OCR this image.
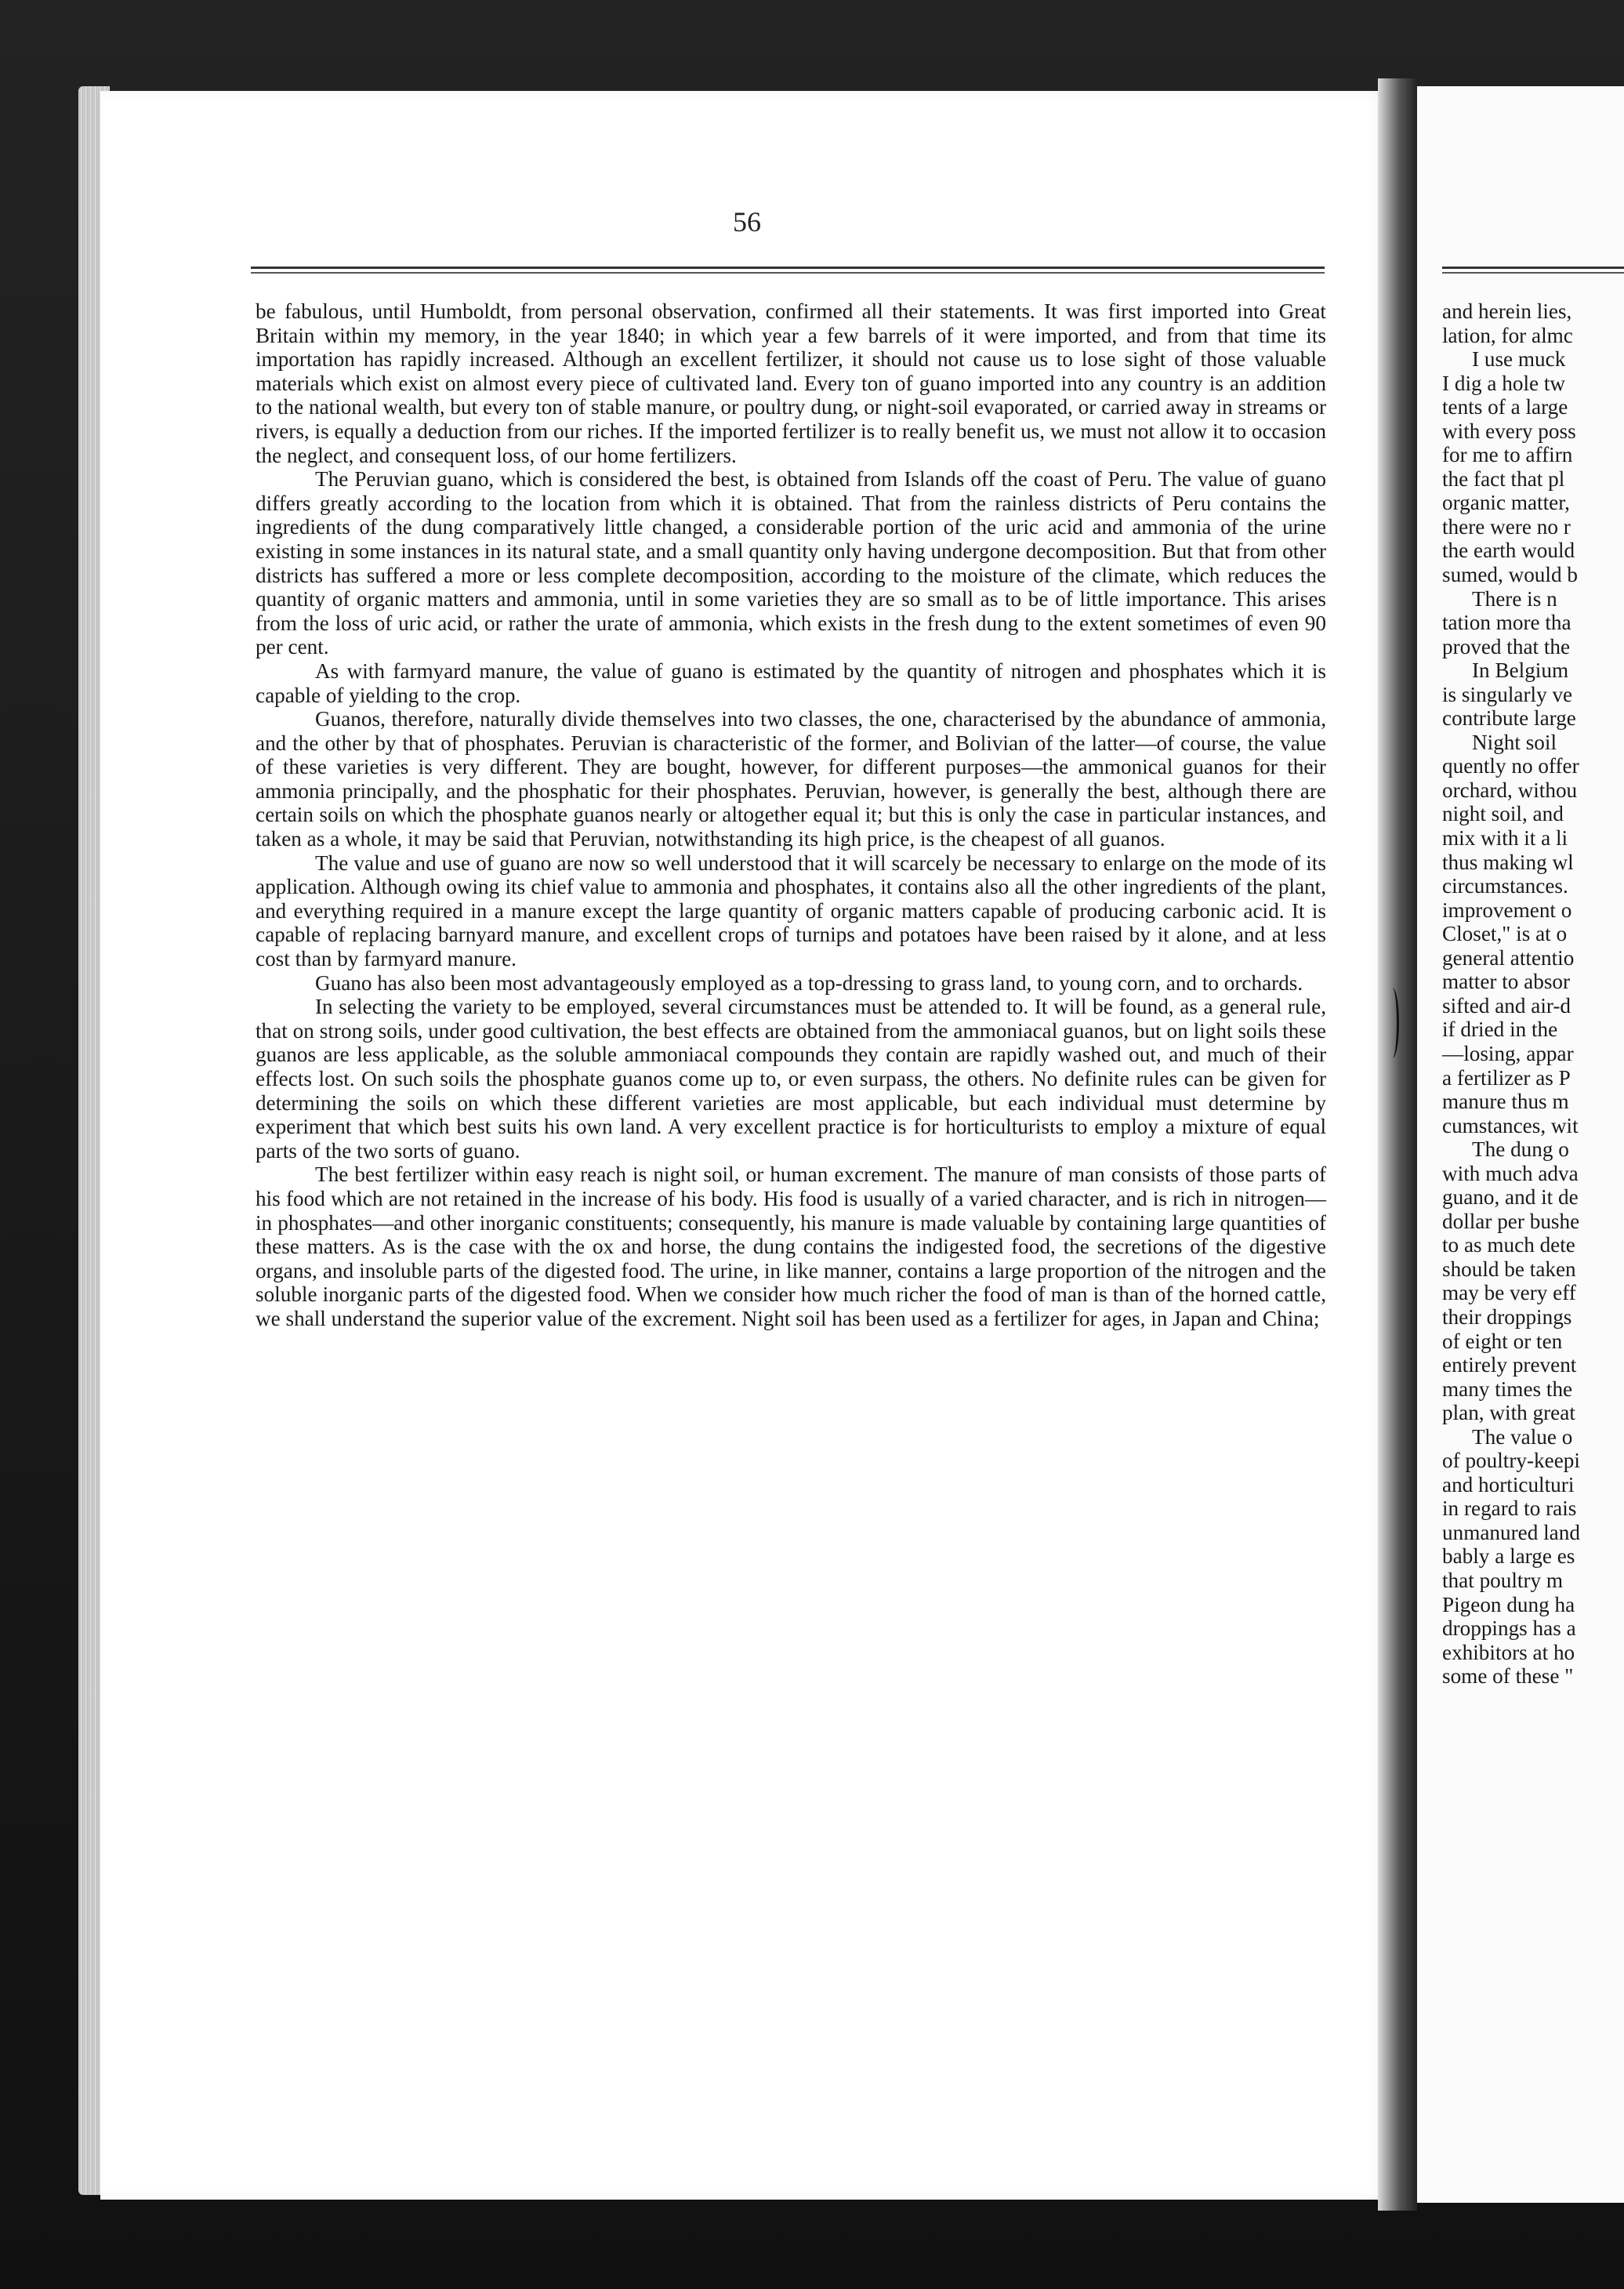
56

be fabulous, until Humboldt, from personal observation, confirmed all their statements. It was first imported into Great Britain within my memory, in the year 1840; in which year a few barrels of it were imported, and from that time its importation has rapidly increased. Although an excellent fertilizer, it should not cause us to lose sight of those valuable materials which exist on almost every piece of cultivated land. Every ton of guano imported into any country is an addition to the national wealth, but every ton of stable manure, or poultry dung, or night-soil evaporated, or carried away in streams or rivers, is equally a deduction from our riches. If the imported fertilizer is to really benefit us, we must not allow it to occasion the neglect, and consequent loss, of our home fertilizers.

The Peruvian guano, which is considered the best, is obtained from Islands off the coast of Peru. The value of guano differs greatly according to the location from which it is obtained. That from the rainless districts of Peru contains the ingredients of the dung comparatively little changed, a considerable portion of the uric acid and ammonia of the urine existing in some instances in its natural state, and a small quantity only having undergone decomposition. But that from other districts has suffered a more or less complete decomposition, according to the moisture of the climate, which reduces the quantity of organic matters and ammonia, until in some varieties they are so small as to be of little importance. This arises from the loss of uric acid, or rather the urate of ammonia, which exists in the fresh dung to the extent sometimes of even 90 per cent.

As with farmyard manure, the value of guano is estimated by the quantity of nitrogen and phosphates which it is capable of yielding to the crop.

Guanos, therefore, naturally divide themselves into two classes, the one, characterised by the abundance of ammonia, and the other by that of phosphates. Peruvian is characteristic of the former, and Bolivian of the latter—of course, the value of these varieties is very different. They are bought, however, for different purposes—the ammonical guanos for their ammonia principally, and the phosphatic for their phosphates. Peruvian, however, is generally the best, although there are certain soils on which the phosphate guanos nearly or altogether equal it; but this is only the case in particular instances, and taken as a whole, it may be said that Peruvian, notwithstanding its high price, is the cheapest of all guanos.

The value and use of guano are now so well understood that it will scarcely be necessary to enlarge on the mode of its application. Although owing its chief value to ammonia and phosphates, it contains also all the other ingredients of the plant, and everything required in a manure except the large quantity of organic matters capable of producing carbonic acid. It is capable of replacing barnyard manure, and excellent crops of turnips and potatoes have been raised by it alone, and at less cost than by farmyard manure.

Guano has also been most advantageously employed as a top-dressing to grass land, to young corn, and to orchards.

In selecting the variety to be employed, several circumstances must be attended to. It will be found, as a general rule, that on strong soils, under good cultivation, the best effects are obtained from the ammoniacal guanos, but on light soils these guanos are less applicable, as the soluble ammoniacal compounds they contain are rapidly washed out, and much of their effects lost. On such soils the phosphate guanos come up to, or even surpass, the others. No definite rules can be given for determining the soils on which these different varieties are most applicable, but each individual must determine by experiment that which best suits his own land. A very excellent practice is for horticulturists to employ a mixture of equal parts of the two sorts of guano.

The best fertilizer within easy reach is night soil, or human excrement. The manure of man consists of those parts of his food which are not retained in the increase of his body. His food is usually of a varied character, and is rich in nitrogen—in phosphates—and other inorganic constituents; consequently, his manure is made valuable by containing large quantities of these matters. As is the case with the ox and horse, the dung contains the indigested food, the secretions of the digestive organs, and insoluble parts of the digested food. The urine, in like manner, contains a large proportion of the nitrogen and the soluble inorganic parts of the digested food. When we consider how much richer the food of man is than of the horned cattle, we shall understand the superior value of the excrement. Night soil has been used as a fertilizer for ages, in Japan and China;

and herein lies,
lation, for almc
I use muck
I dig a hole tw
tents of a large
with every poss
for me to affirn
the fact that pl
organic matter,
there were no r
the earth would
sumed, would b
There is n
tation more tha
proved that the
In Belgium
is singularly ve
contribute large
Night soil
quently no offer
orchard, withou
night soil, and
mix with it a li
thus making wl
circumstances.
improvement o
Closet," is at o
general attentio
matter to absor
sifted and air-d
if dried in the
—losing, appar
a fertilizer as P
manure thus m
cumstances, wit
The dung o
with much adva
guano, and it de
dollar per bushe
to as much dete
should be taken
may be very eff
their droppings
of eight or ten
entirely prevent
many times the
plan, with great
The value o
of poultry-keepi
and horticulturi
in regard to rais
unmanured land
bably a large es
that poultry m
Pigeon dung ha
droppings has a
exhibitors at ho
some of these "
